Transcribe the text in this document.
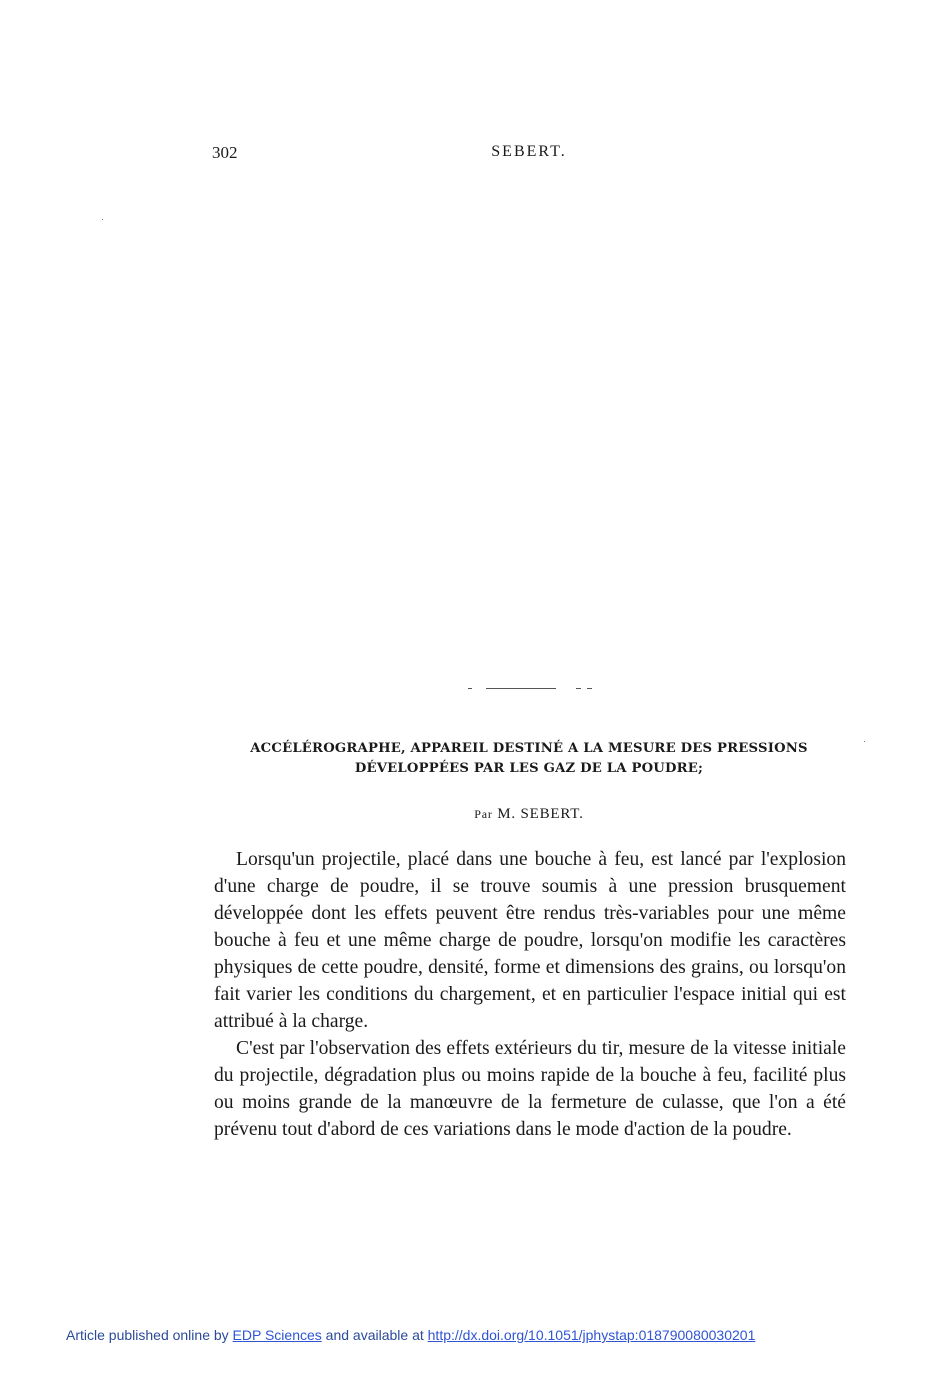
302	SEBERT.
ACCÉLÉROGRAPHE, APPAREIL DESTINÉ A LA MESURE DES PRESSIONS
DÉVELOPPÉES PAR LES GAZ DE LA POUDRE;
Par M. SEBERT.

Lorsqu'un projectile, placé dans une bouche à feu, est lancé par l'explosion d'une charge de poudre, il se trouve soumis à une pression brusquement développée dont les effets peuvent être rendus très-variables pour une même bouche à feu et une même charge de poudre, lorsqu'on modifie les caractères physiques de cette poudre, densité, forme et dimensions des grains, ou lorsqu'on fait varier les conditions du chargement, et en particulier l'espace initial qui est attribué à la charge.

C'est par l'observation des effets extérieurs du tir, mesure de la vitesse initiale du projectile, dégradation plus ou moins rapide de la bouche à feu, facilité plus ou moins grande de la manœuvre de la fermeture de culasse, que l'on a été prévenu tout d'abord de ces variations dans le mode d'action de la poudre.

Article published online by EDP Sciences and available at http://dx.doi.org/10.1051/jphystap:018790080030201
